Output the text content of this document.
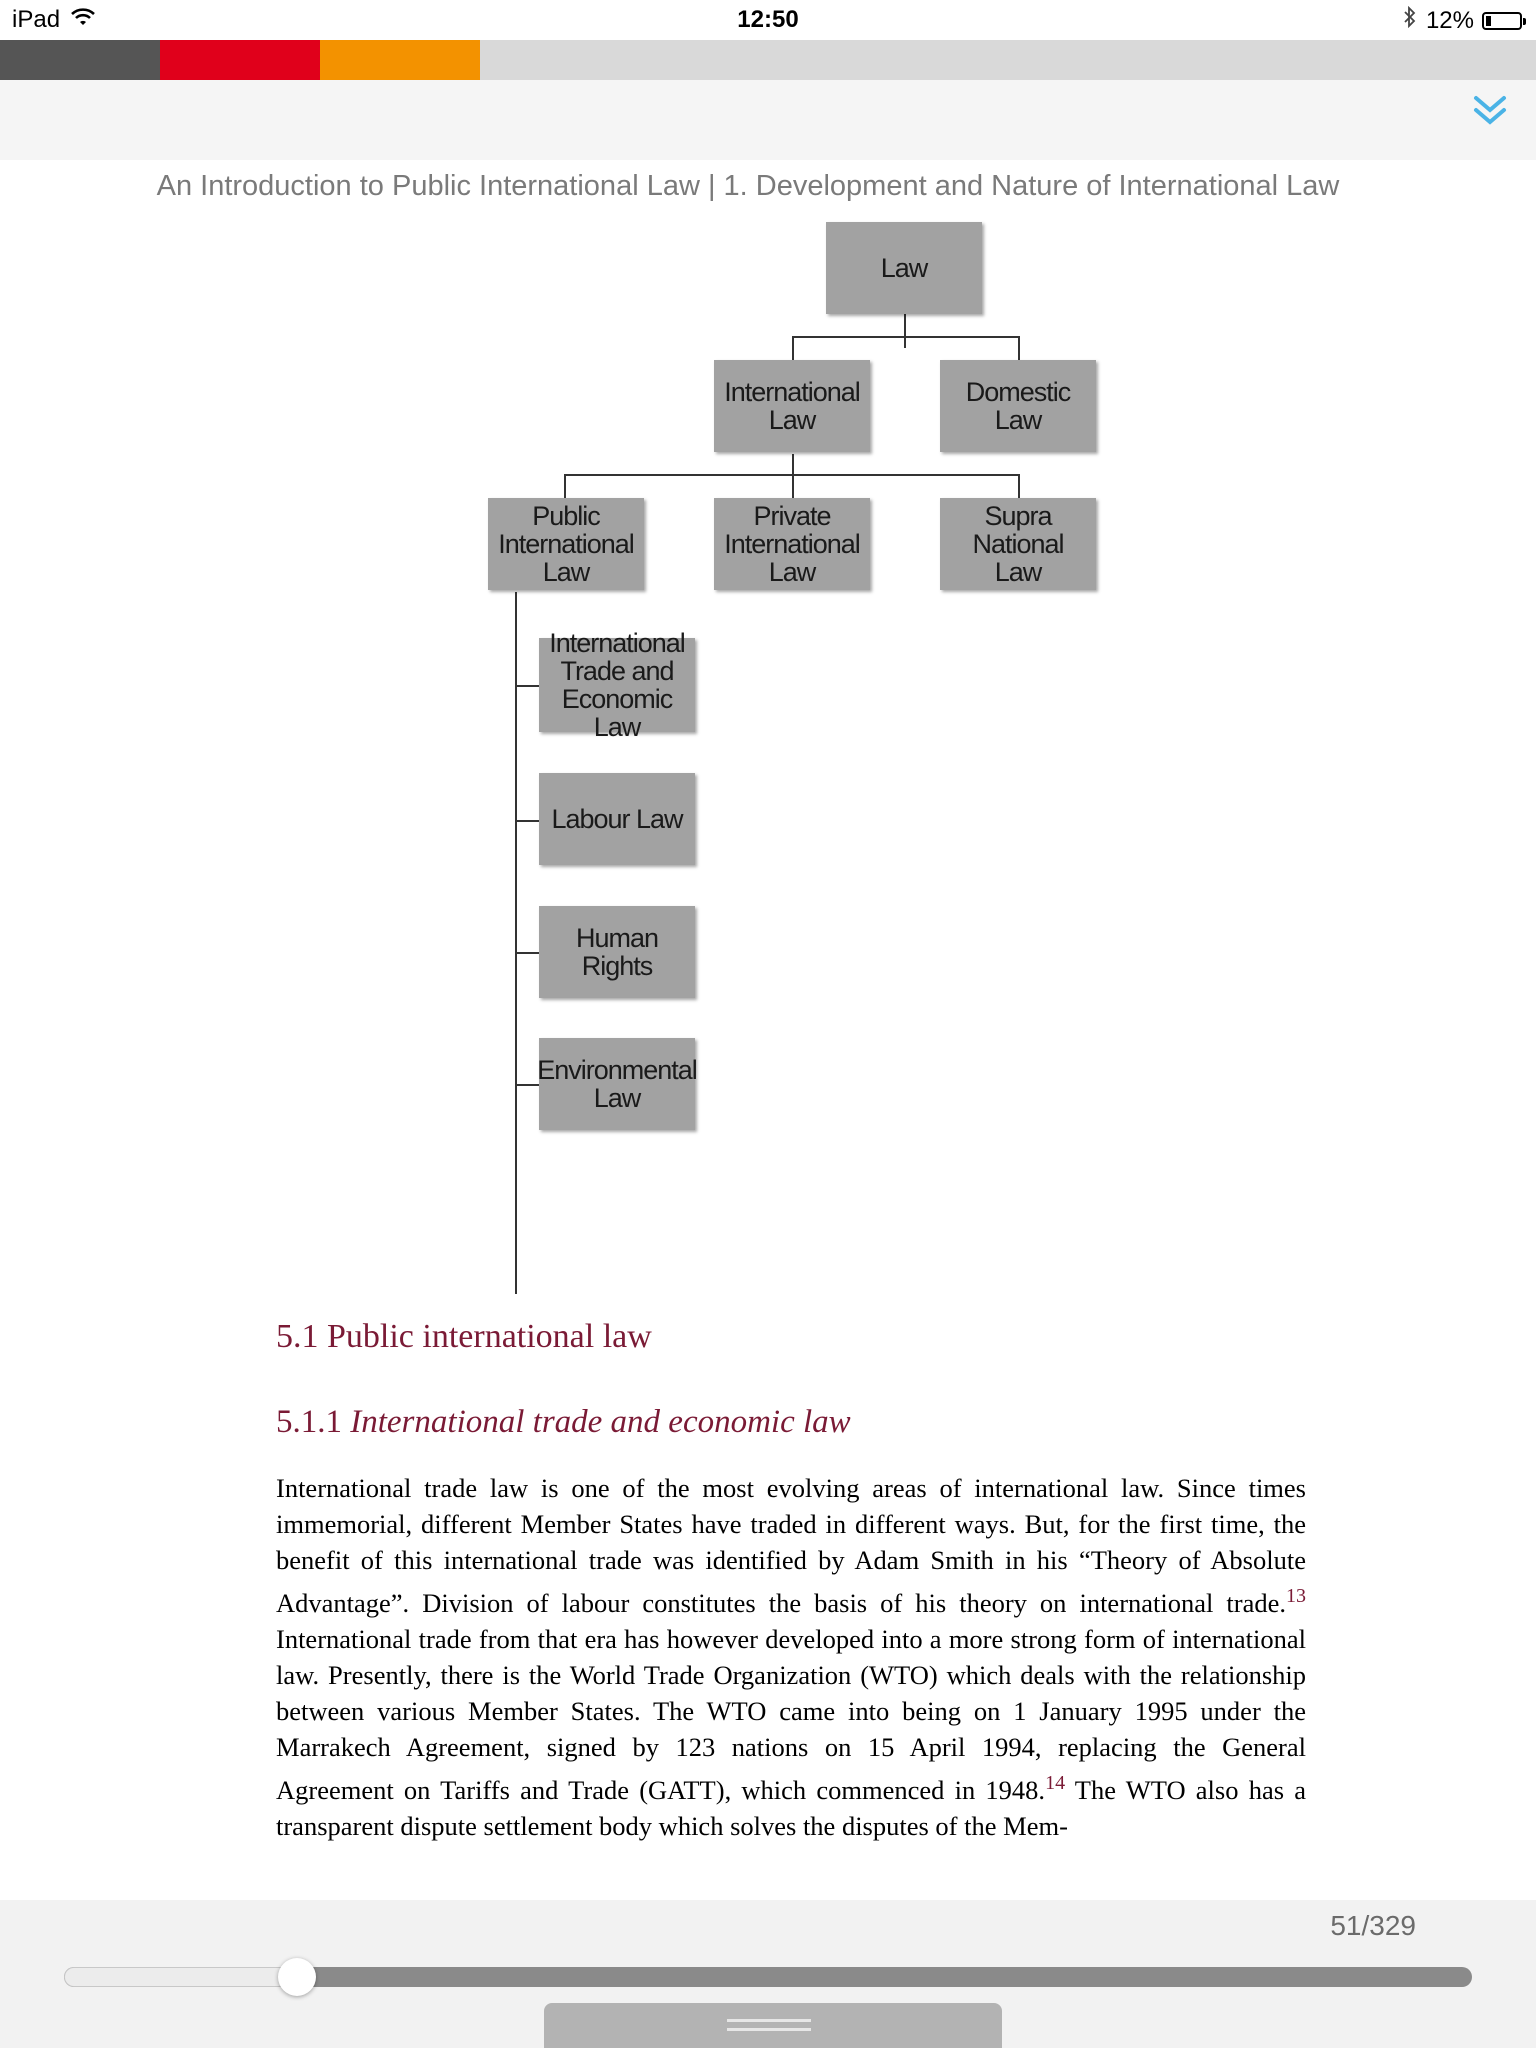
iPad	12:50	12%
An Introduction to Public International Law | 1. Development and Nature of International Law
Law
International
Law
Domestic
Law
Public
International
Law
Private
International
Law
Supra National
Law
International
Trade and
Economic Law
Labour Law
Human Rights
Environmental
Law
5.1 Public international law
5.1.1 International trade and economic law
International trade law is one of the most evolving areas of international law. Since times immemorial, different Member States have traded in different ways. But, for the first time, the benefit of this international trade was identified by Adam Smith in his “Theory of Absolute Advantage”. Division of labour constitutes the basis of his theory on international trade.$^{13}$ International trade from that era has however developed into a more strong form of international law. Presently, there is the World Trade Organization (WTO) which deals with the relationship between various Member States. The WTO came into being on 1 January 1995 under the Marrakech Agreement, signed by 123 nations on 15 April 1994, replacing the General Agreement on Tariffs and Trade (GATT), which commenced in 1948.14 The WTO also has a transparent dispute settlement body which solves the disputes of the Mem-
51/329
